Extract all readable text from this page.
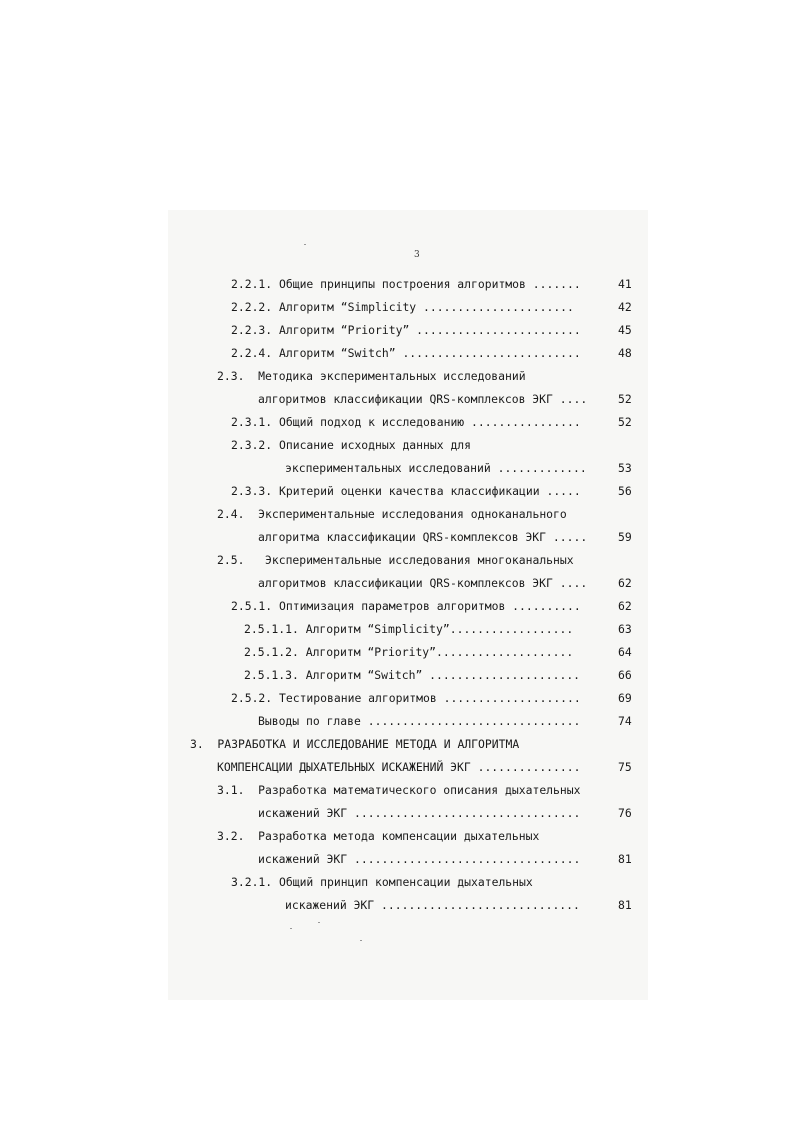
3
2.2.1. Общие принципы построения алгоритмов .......	41
2.2.2. Алгоритм “Simplicity ......................	42
2.2.3. Алгоритм “Priority” ........................	45
2.2.4. Алгоритм “Switch” ..........................	48
2.3.  Методика экспериментальных исследований
алгоритмов классификации QRS-комплексов ЭКГ ....	52
2.3.1. Общий подход к исследованию ................	52
2.3.2. Описание исходных данных для
экспериментальных исследований .............	53
2.3.3. Критерий оценки качества классификации .....	56
2.4.  Экспериментальные исследования одноканального
алгоритма классификации QRS-комплексов ЭКГ .....	59
2.5.   Экспериментальные исследования многоканальных
алгоритмов классификации QRS-комплексов ЭКГ ....	62
2.5.1. Оптимизация параметров алгоритмов ..........	62
2.5.1.1. Алгоритм “Simplicity”..................	63
2.5.1.2. Алгоритм “Priority”....................	64
2.5.1.3. Алгоритм “Switch” ......................	66
2.5.2. Тестирование алгоритмов ....................	69
Выводы по главе ...............................	74
3.  РАЗРАБОТКА И ИССЛЕДОВАНИЕ МЕТОДА И АЛГОРИТМА
КОМПЕНСАЦИИ ДЫХАТЕЛЬНЫХ ИСКАЖЕНИЙ ЭКГ ...............	75
3.1.  Разработка математического описания дыхательных
искажений ЭКГ .................................	76
3.2.  Разработка метода компенсации дыхательных
искажений ЭКГ .................................	81
3.2.1. Общий принцип компенсации дыхательных
искажений ЭКГ .............................	81
